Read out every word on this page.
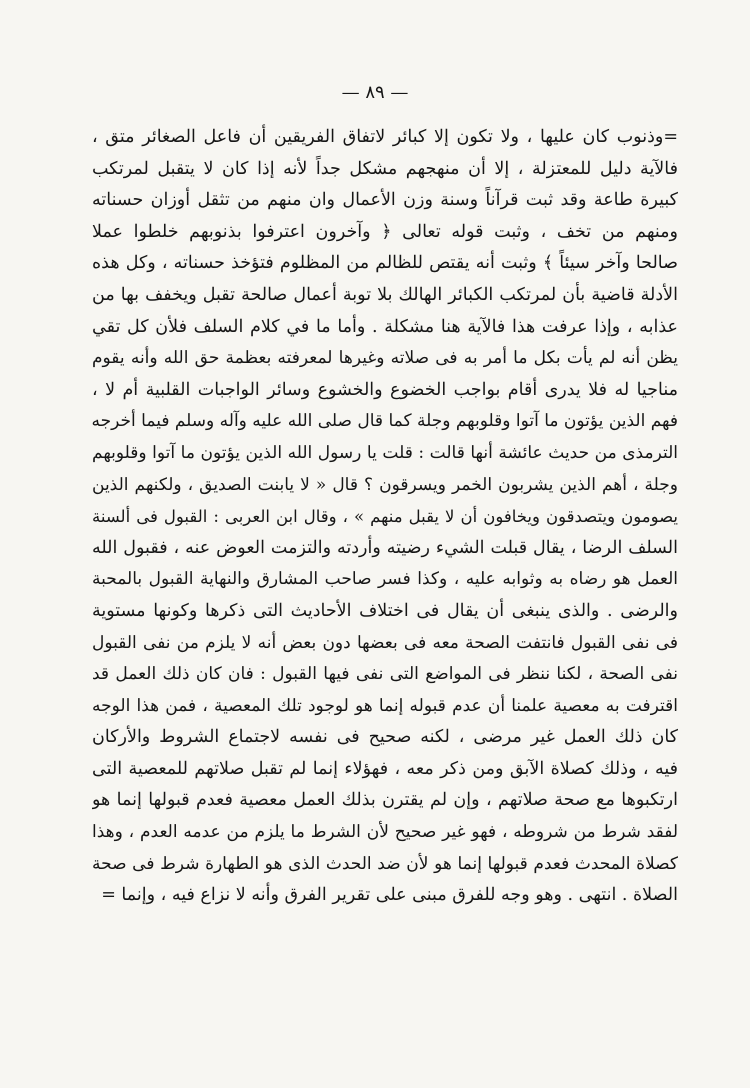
— ٨٩ —
=وذنوب كان عليها ، ولا تكون إلا كبائر لاتفاق الفريقين أن فاعل الصغائر متق ،
فالآية دليل للمعتزلة ، إلا أن منهجهم مشكل جداً لأنه إذا كان لا يتقبل لمرتكب
كبيرة طاعة وقد ثبت قرآناً وسنة وزن الأعمال وان منهم من تثقل أوزان حسناته
ومنهم من تخف ، وثبت قوله تعالى ﴿ وآخرون اعترفوا بذنوبهم خلطوا عملا
صالحا وآخر سيئاً ﴾ وثبت أنه يقتص للظالم من المظلوم فتؤخذ حسناته ، وكل هذه
الأدلة قاضية بأن لمرتكب الكبائر الهالك بلا توبة أعمال صالحة تقبل ويخفف بها من
عذابه ، وإذا عرفت هذا فالآية هنا مشكلة . وأما ما في كلام السلف فلأن كل تقي
يظن أنه لم يأت بكل ما أمر به فى صلاته وغيرها لمعرفته بعظمة حق الله وأنه يقوم
مناجيا له فلا يدرى أقام بواجب الخضوع والخشوع وسائر الواجبات القلبية أم لا ،
فهم الذين يؤتون ما آتوا وقلوبهم وجلة كما قال صلى الله عليه وآله وسلم فيما أخرجه
الترمذى من حديث عائشة أنها قالت : قلت يا رسول الله الذين يؤتون ما آتوا وقلوبهم
وجلة ، أهم الذين يشربون الخمر ويسرقون ؟ قال « لا يابنت الصديق ، ولكنهم الذين
يصومون ويتصدقون ويخافون أن لا يقبل منهم » ، وقال ابن العربى : القبول فى ألسنة
السلف الرضا ، يقال قبلت الشيء رضيته وأردته والتزمت العوض عنه ، فقبول الله
العمل هو رضاه به وثوابه عليه ، وكذا فسر صاحب المشارق والنهاية القبول بالمحبة
والرضى . والذى ينبغى أن يقال فى اختلاف الأحاديث التى ذكرها وكونها مستوية
فى نفى القبول فانتفت الصحة معه فى بعضها دون بعض أنه لا يلزم من نفى القبول
نفى الصحة ، لكنا ننظر فى المواضع التى نفى فيها القبول : فان كان ذلك العمل قد
اقترفت به معصية علمنا أن عدم قبوله إنما هو لوجود تلك المعصية ، فمن هذا الوجه
كان ذلك العمل غير مرضى ، لكنه صحيح فى نفسه لاجتماع الشروط والأركان
فيه ، وذلك كصلاة الآبق ومن ذكر معه ، فهؤلاء إنما لم تقبل صلاتهم للمعصية التى
ارتكبوها مع صحة صلاتهم ، وإن لم يقترن بذلك العمل معصية فعدم قبولها إنما هو
لفقد شرط من شروطه ، فهو غير صحيح لأن الشرط ما يلزم من عدمه العدم ، وهذا
كصلاة المحدث فعدم قبولها إنما هو لأن ضد الحدث الذى هو الطهارة شرط فى صحة
الصلاة . انتهى . وهو وجه للفرق مبنى على تقرير الفرق وأنه لا نزاع فيه ، وإنما =
